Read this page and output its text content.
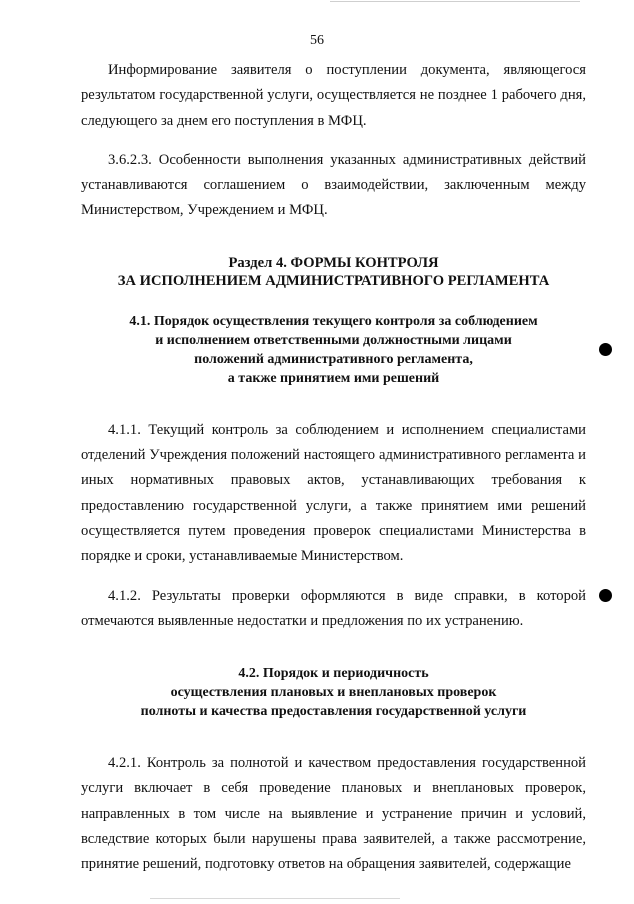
56

Информирование заявителя о поступлении документа, являющегося результатом государственной услуги, осуществляется не позднее 1 рабочего дня, следующего за днем его поступления в МФЦ.

3.6.2.3. Особенности выполнения указанных административных действий устанавливаются соглашением о взаимодействии, заключенным между Министерством, Учреждением и МФЦ.

Раздел 4. ФОРМЫ КОНТРОЛЯ
ЗА ИСПОЛНЕНИЕМ АДМИНИСТРАТИВНОГО РЕГЛАМЕНТА
4.1. Порядок осуществления текущего контроля за соблюдением
и исполнением ответственными должностными лицами
положений административного регламента,
а также принятием ими решений

4.1.1. Текущий контроль за соблюдением и исполнением специалистами отделений Учреждения положений настоящего административного регламента и иных нормативных правовых актов, устанавливающих требования к предоставлению государственной услуги, а также принятием ими решений осуществляется путем проведения проверок специалистами Министерства в порядке и сроки, устанавливаемые Министерством.

4.1.2. Результаты проверки оформляются в виде справки, в которой отмечаются выявленные недостатки и предложения по их устранению.

4.2. Порядок и периодичность
осуществления плановых и внеплановых проверок
полноты и качества предоставления государственной услуги

4.2.1. Контроль за полнотой и качеством предоставления государственной услуги включает в себя проведение плановых и внеплановых проверок, направленных в том числе на выявление и устранение причин и условий, вследствие которых были нарушены права заявителей, а также рассмотрение, принятие решений, подготовку ответов на обращения заявителей, содержащие
